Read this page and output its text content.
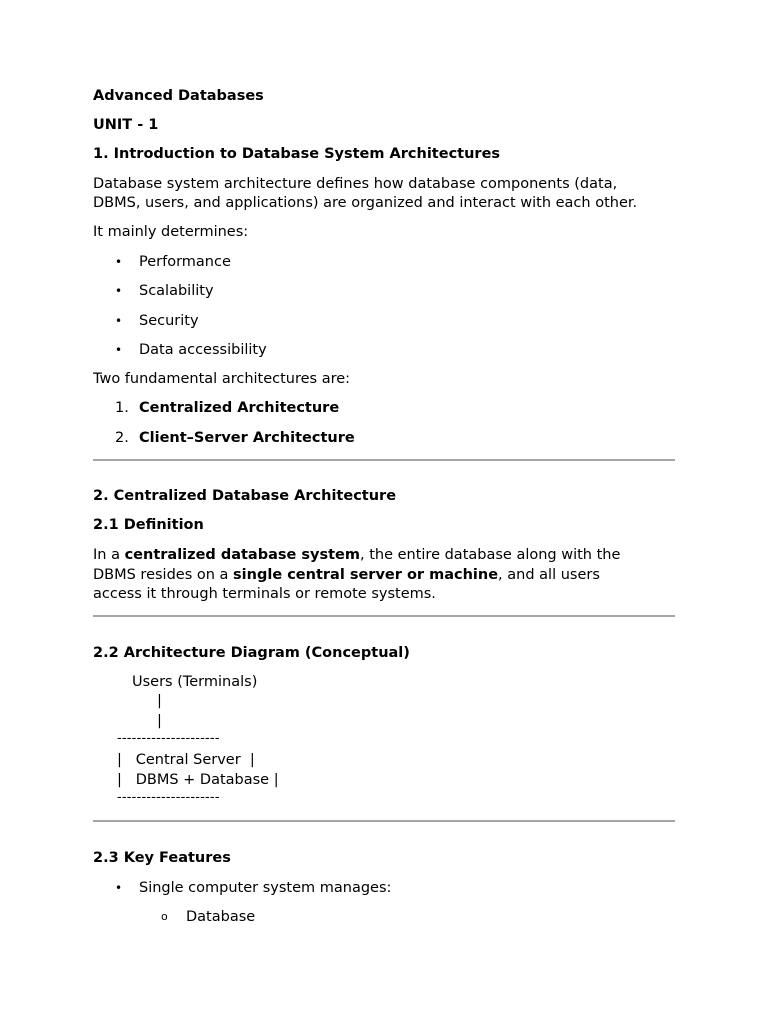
Advanced Databases
UNIT - 1
1. Introduction to Database System Architectures
Database system architecture defines how database components (data,
DBMS, users, and applications) are organized and interact with each other.
It mainly determines:
• Performance
• Scalability
• Security
• Data accessibility
Two fundamental architectures are:
1. Centralized Architecture
2. Client–Server Architecture
2. Centralized Database Architecture
2.1 Definition
In a centralized database system, the entire database along with the
DBMS resides on a single central server or machine, and all users
access it through terminals or remote systems.
2.2 Architecture Diagram (Conceptual)
Users (Terminals)
|
|
---------------------
|   Central Server  |
|   DBMS + Database |
---------------------
2.3 Key Features
• Single computer system manages:
o Database
